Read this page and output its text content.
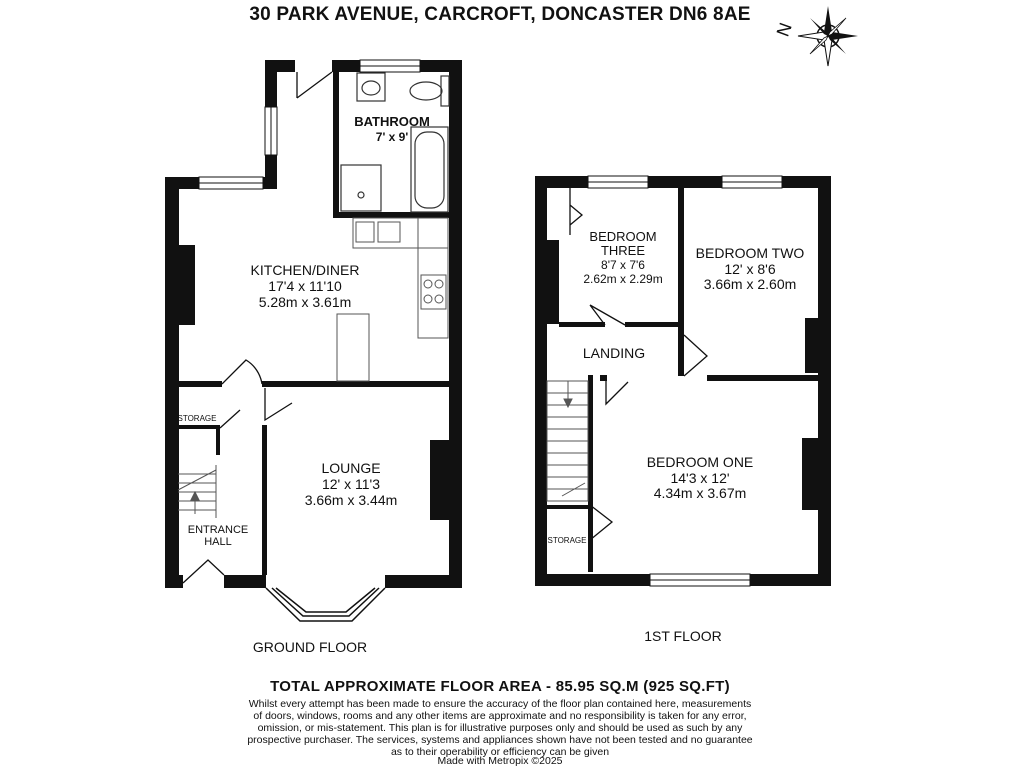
30 PARK AVENUE, CARCROFT, DONCASTER DN6 8AE
N
BATHROOM
7' x 9'
KITCHEN/DINER
17'4 x 11'10
5.28m x 3.61m
LOUNGE
12' x 11'3
3.66m x 3.44m
STORAGE
ENTRANCE
HALL
GROUND FLOOR
BEDROOM
THREE
8'7 x 7'6
2.62m x 2.29m
BEDROOM TWO
12' x 8'6
3.66m x 2.60m
LANDING
BEDROOM ONE
14'3 x 12'
4.34m x 3.67m
STORAGE
1ST FLOOR
TOTAL APPROXIMATE FLOOR AREA - 85.95 SQ.M (925 SQ.FT)
Whilst every attempt has been made to ensure the accuracy of the floor plan contained here, measurements
of doors, windows, rooms and any other items are approximate and no responsibility is taken for any error,
omission, or mis-statement. This plan is for illustrative purposes only and should be used as such by any
prospective purchaser. The services, systems and appliances shown have not been tested and no guarantee
as to their operability or efficiency can be given
Made with Metropix ©2025
